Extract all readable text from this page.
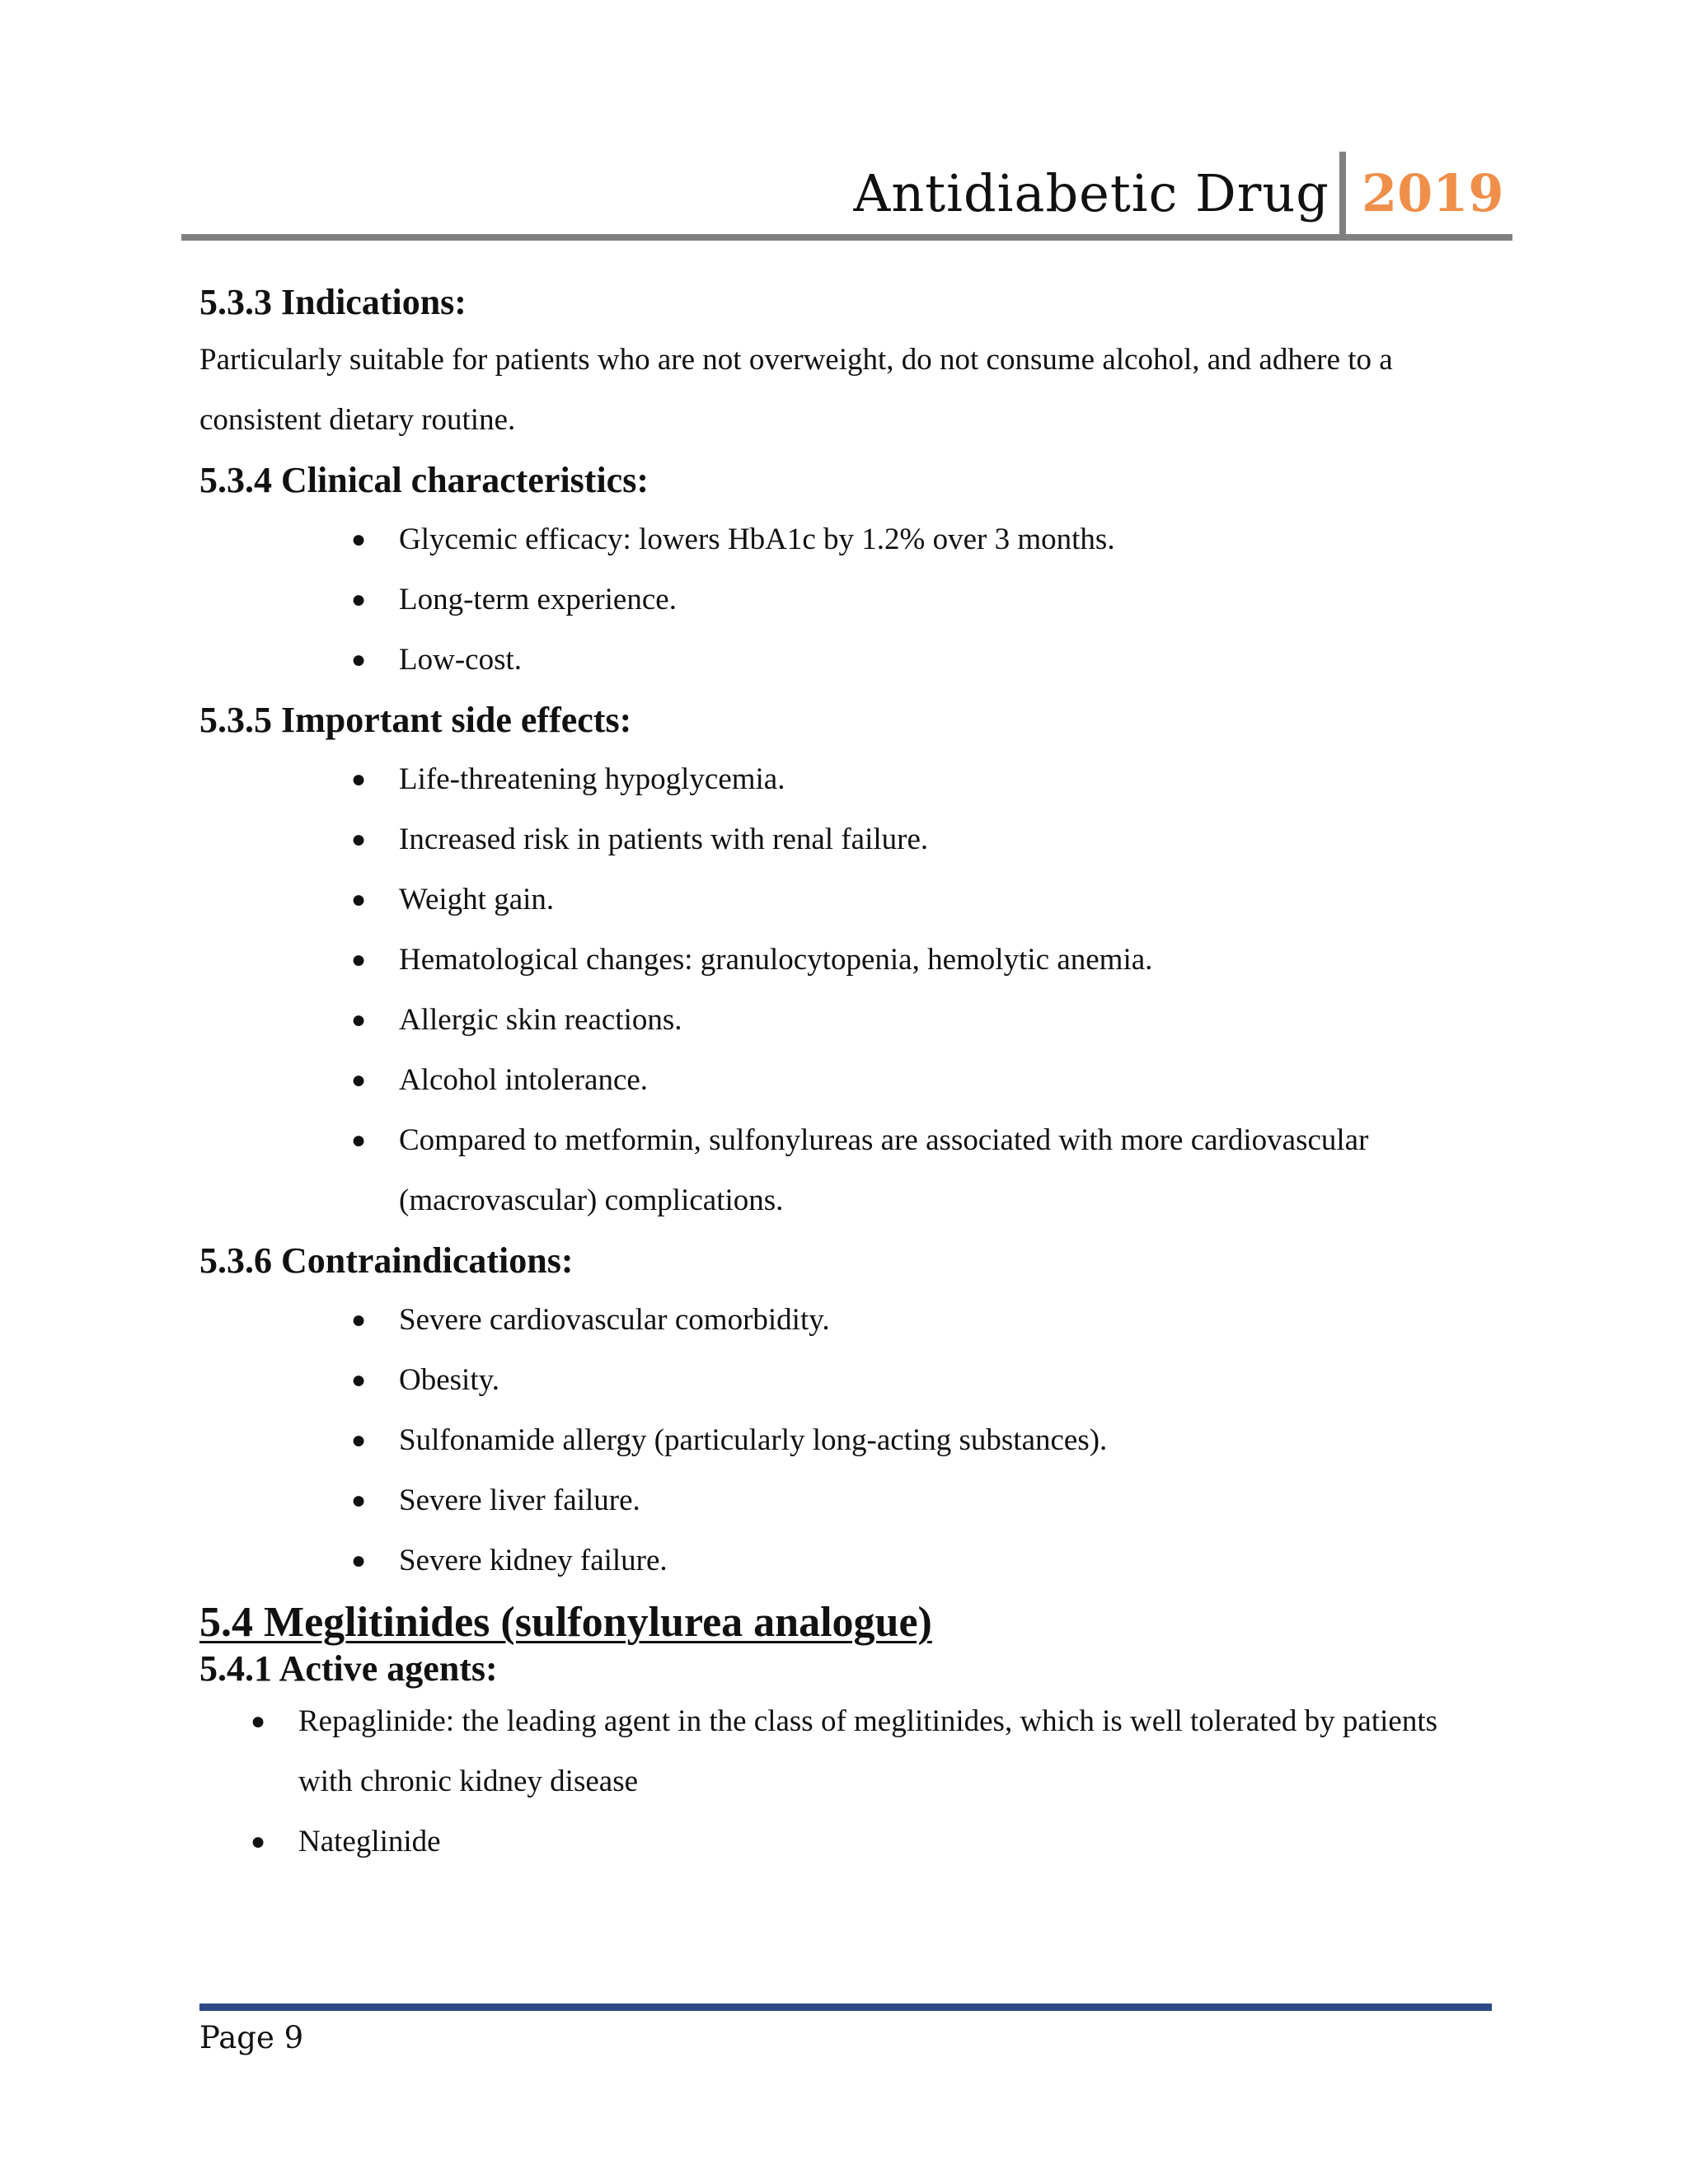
Antidiabetic Drug 2019
5.3.3 Indications:

Particularly suitable for patients who are not overweight, do not consume alcohol, and adhere to a consistent dietary routine.

5.3.4 Clinical characteristics:
● Glycemic efficacy: lowers HbA1c by 1.2% over 3 months.
● Long-term experience.
● Low-cost.
5.3.5 Important side effects:
● Life-threatening hypoglycemia.
● Increased risk in patients with renal failure.
● Weight gain.
● Hematological changes: granulocytopenia, hemolytic anemia.
● Allergic skin reactions.
● Alcohol intolerance.
● Compared to metformin, sulfonylureas are associated with more cardiovascular (macrovascular) complications.
5.3.6 Contraindications:
● Severe cardiovascular comorbidity.
● Obesity.
● Sulfonamide allergy (particularly long-acting substances).
● Severe liver failure.
● Severe kidney failure.
5.4 Meglitinides (sulfonylurea analogue)
5.4.1 Active agents:
● Repaglinide: the leading agent in the class of meglitinides, which is well tolerated by patients with chronic kidney disease
● Nateglinide
Page 9
